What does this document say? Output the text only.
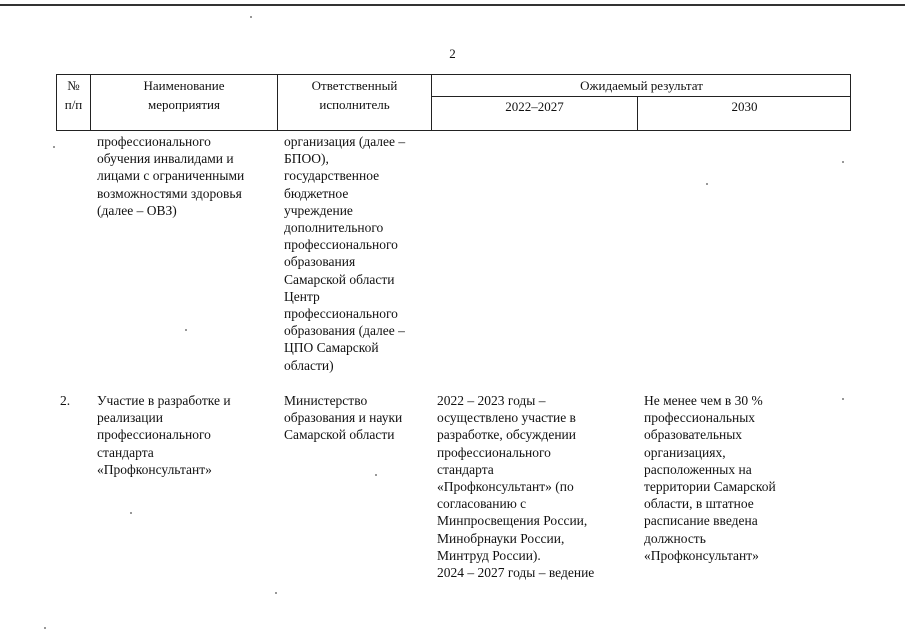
2
№
п/п
Наименование
мероприятия
Ответственный
исполнитель
Ожидаемый результат
2022–2027	2030
профессионального
обучения инвалидами и
лицами с ограниченными
возможностями здоровья
(далее – ОВЗ)
организация (далее –
БПОО),
государственное
бюджетное
учреждение
дополнительного
профессионального
образования
Самарской области
Центр
профессионального
образования (далее –
ЦПО Самарской
области)
2. Участие в разработке и
реализации
профессионального
стандарта
«Профконсультант»
Министерство
образования и науки
Самарской области
2022 – 2023 годы –
осуществлено участие в
разработке, обсуждении
профессионального
стандарта
«Профконсультант» (по
согласованию с
Минпросвещения России,
Минобрнауки России,
Минтруд России).
2024 – 2027 годы – ведение
Не менее чем в 30 %
профессиональных
образовательных
организациях,
расположенных на
территории Самарской
области, в штатное
расписание введена
должность
«Профконсультант»
